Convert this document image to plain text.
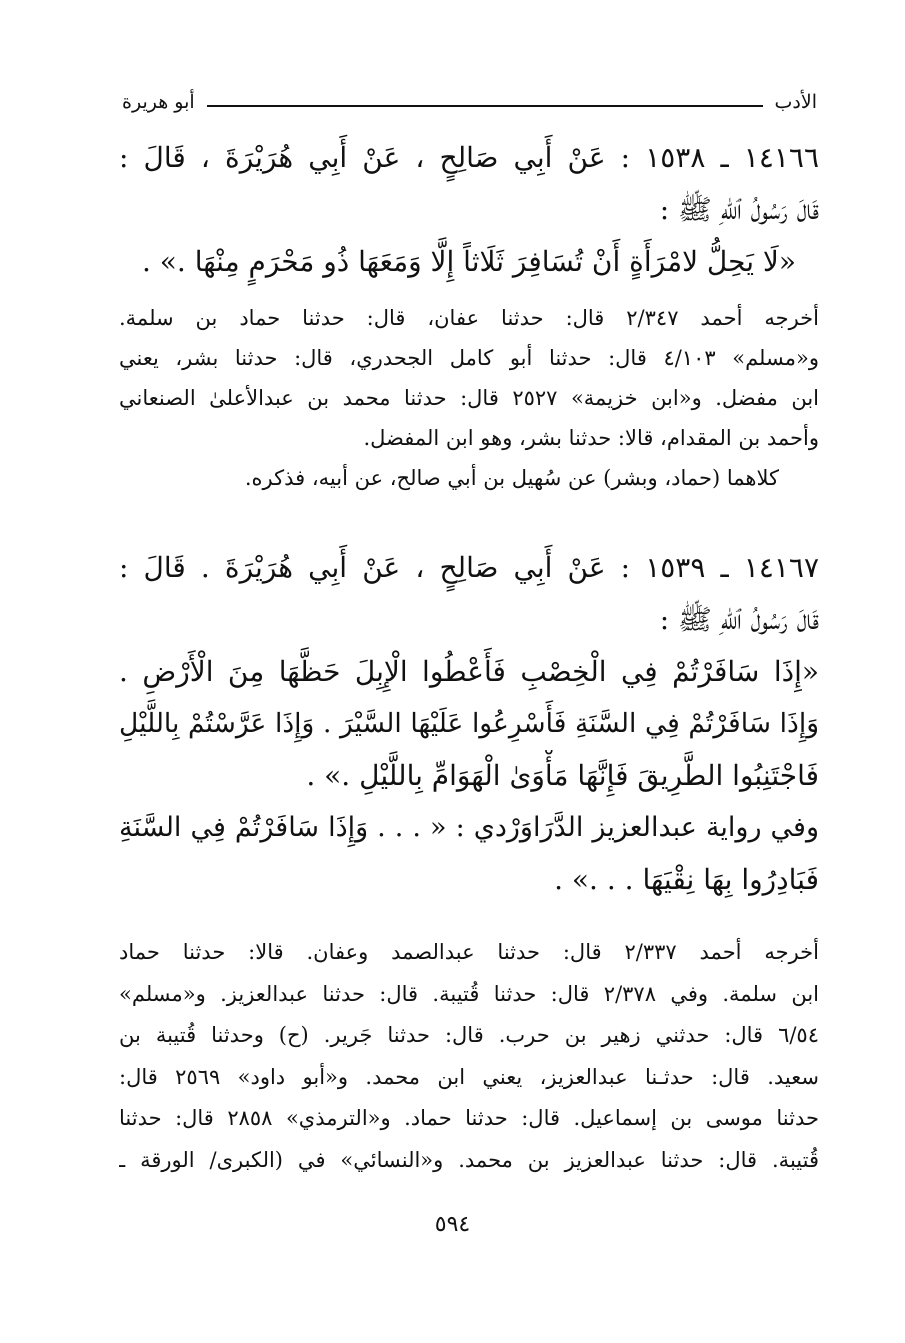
الأدب
أبو هريرة
١٤١٦٦ ـ ١٥٣٨ : عَنْ أَبِي صَالِحٍ ، عَنْ أَبِي هُرَيْرَةَ ، قَالَ :
قَالَ رَسُولُ ٱللهِ ﷺ :
«لَا يَحِلُّ لامْرَأَةٍ أَنْ تُسَافِرَ ثَلَاثاً إِلَّا وَمَعَهَا ذُو مَحْرَمٍ مِنْهَا .» .
أخرجه أحمد ٢/٣٤٧ قال: حدثنا عفان، قال: حدثنا حماد بن سلمة.
و«مسلم» ٤/١٠٣ قال: حدثنا أبو كامل الجحدري، قال: حدثنا بشر، يعني
ابن مفضل. و«ابن خزيمة» ٢٥٢٧ قال: حدثنا محمد بن عبدالأعلىٰ الصنعاني
وأحمد بن المقدام، قالا: حدثنا بشر، وهو ابن المفضل.
كلاهما (حماد، وبشر) عن سُهيل بن أبي صالح، عن أبيه، فذكره.
١٤١٦٧ ـ ١٥٣٩ : عَنْ أَبِي صَالِحٍ ، عَنْ أَبِي هُرَيْرَةَ . قَالَ :
قَالَ رَسُولُ ٱللهِ ﷺ :
«إِذَا سَافَرْتُمْ فِي الْخِصْبِ فَأَعْطُوا الْإِبِلَ حَظَّهَا مِنَ الْأَرْضِ .
وَإِذَا سَافَرْتُمْ فِي السَّنَةِ فَأَسْرِعُوا عَلَيْهَا السَّيْرَ . وَإِذَا عَرَّسْتُمْ بِاللَّيْلِ
فَاجْتَنِبُوا الطَّرِيقَ فَإِنَّهَا مَأْوَىٰ الْهَوَامِّ بِاللَّيْلِ .» .
وفي رواية عبدالعزيز الدَّرَاوَرْدي : « . . . وَإِذَا سَافَرْتُمْ فِي السَّنَةِ
فَبَادِرُوا بِهَا نِقْيَهَا . . .» .
أخرجه أحمد ٢/٣٣٧ قال: حدثنا عبدالصمد وعفان. قالا: حدثنا حماد
ابن سلمة. وفي ٢/٣٧٨ قال: حدثنا قُتيبة. قال: حدثنا عبدالعزيز. و«مسلم»
٦/٥٤ قال: حدثني زهير بن حرب. قال: حدثنا جَرير. (ح) وحدثنا قُتيبة بن
سعيد. قال: حدثـنا عبدالعزيز، يعني ابن محمد. و«أبو داود» ٢٥٦٩ قال:
حدثنا موسى بن إسماعيل. قال: حدثنا حماد. و«الترمذي» ٢٨٥٨ قال: حدثنا
قُتيبة. قال: حدثنا عبدالعزيز بن محمد. و«النسائي» في (الكبرى/ الورقة ـ
٥٩٤
